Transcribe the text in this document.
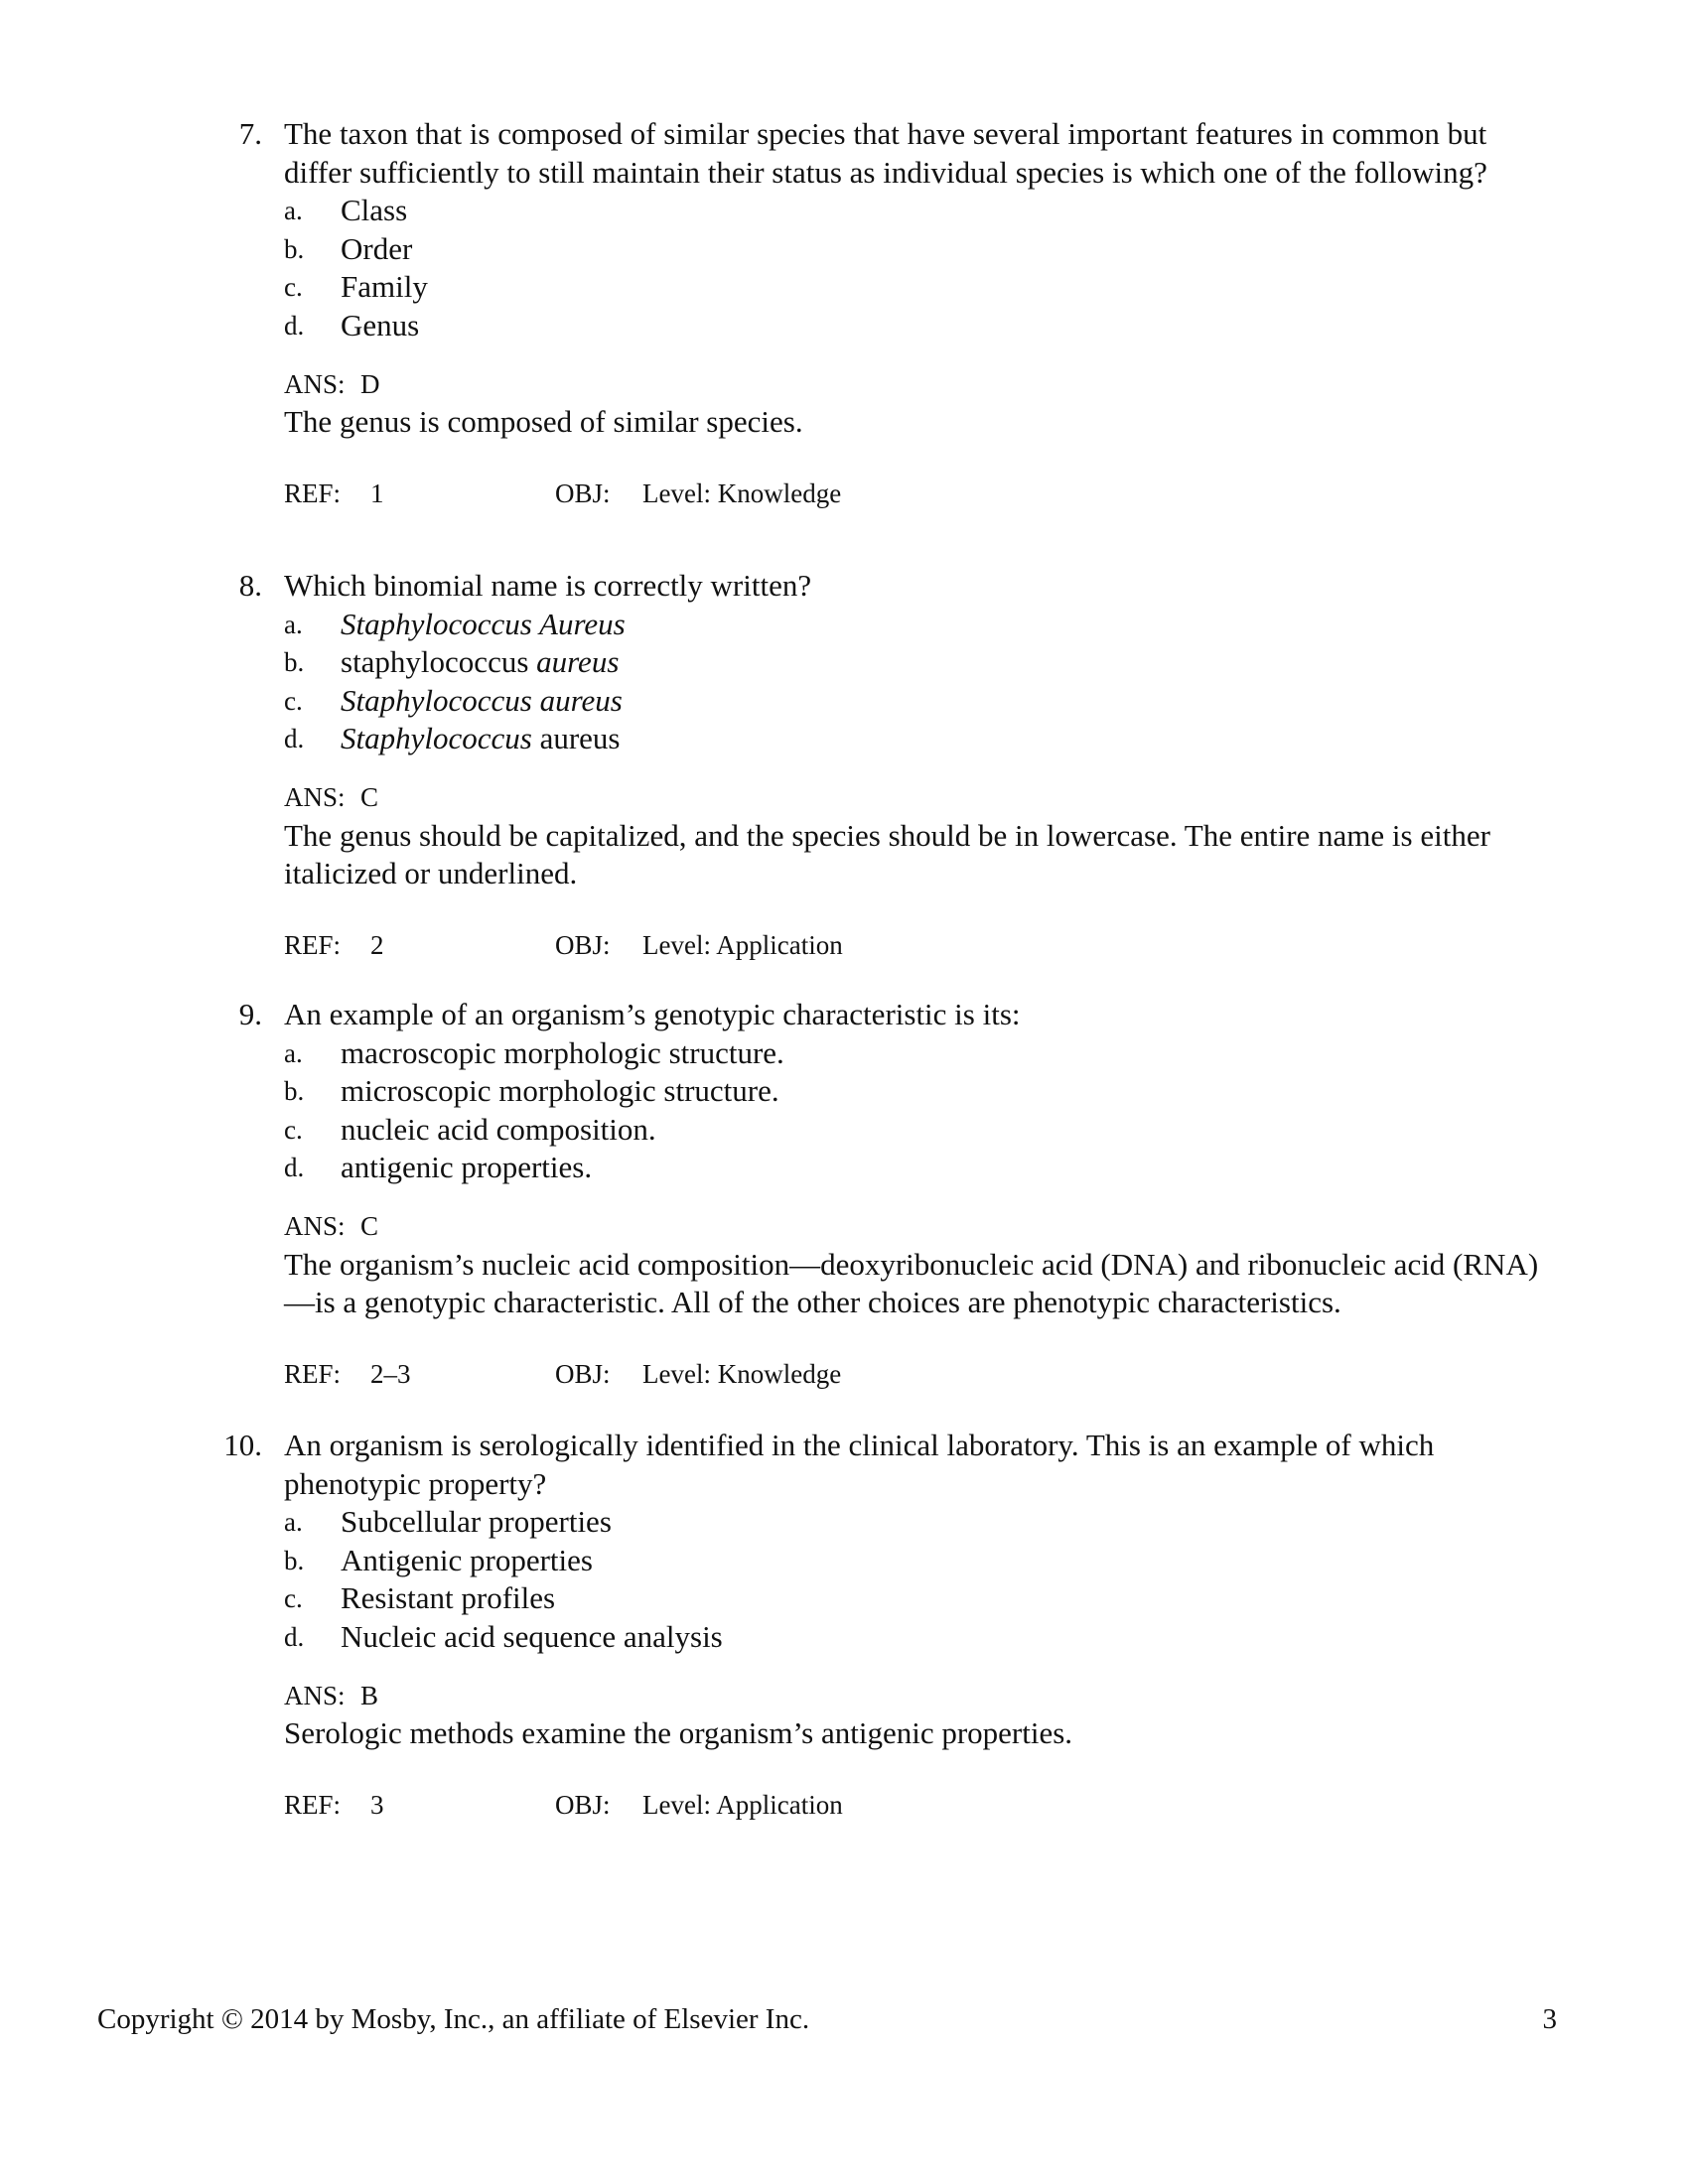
7. The taxon that is composed of similar species that have several important features in common but differ sufficiently to still maintain their status as individual species is which one of the following?
a.	Class
b.	Order
c.	Family
d.	Genus
ANS: D
The genus is composed of similar species.
REF:	1	OBJ:	Level: Knowledge
8. Which binomial name is correctly written?
a.	Staphylococcus Aureus
b.	staphylococcus aureus
c.	Staphylococcus aureus
d.	Staphylococcus aureus
ANS: C
The genus should be capitalized, and the species should be in lowercase. The entire name is either italicized or underlined.
REF:	2	OBJ:	Level: Application
9. An example of an organism’s genotypic characteristic is its:
a.	macroscopic morphologic structure.
b.	microscopic morphologic structure.
c.	nucleic acid composition.
d.	antigenic properties.
ANS: C
The organism’s nucleic acid composition—deoxyribonucleic acid (DNA) and ribonucleic acid (RNA)—is a genotypic characteristic. All of the other choices are phenotypic characteristics.
REF:	2–3	OBJ:	Level: Knowledge
10. An organism is serologically identified in the clinical laboratory. This is an example of which phenotypic property?
a.	Subcellular properties
b.	Antigenic properties
c.	Resistant profiles
d.	Nucleic acid sequence analysis
ANS: B
Serologic methods examine the organism’s antigenic properties.
REF:	3	OBJ:	Level: Application
Copyright © 2014 by Mosby, Inc., an affiliate of Elsevier Inc.	3
